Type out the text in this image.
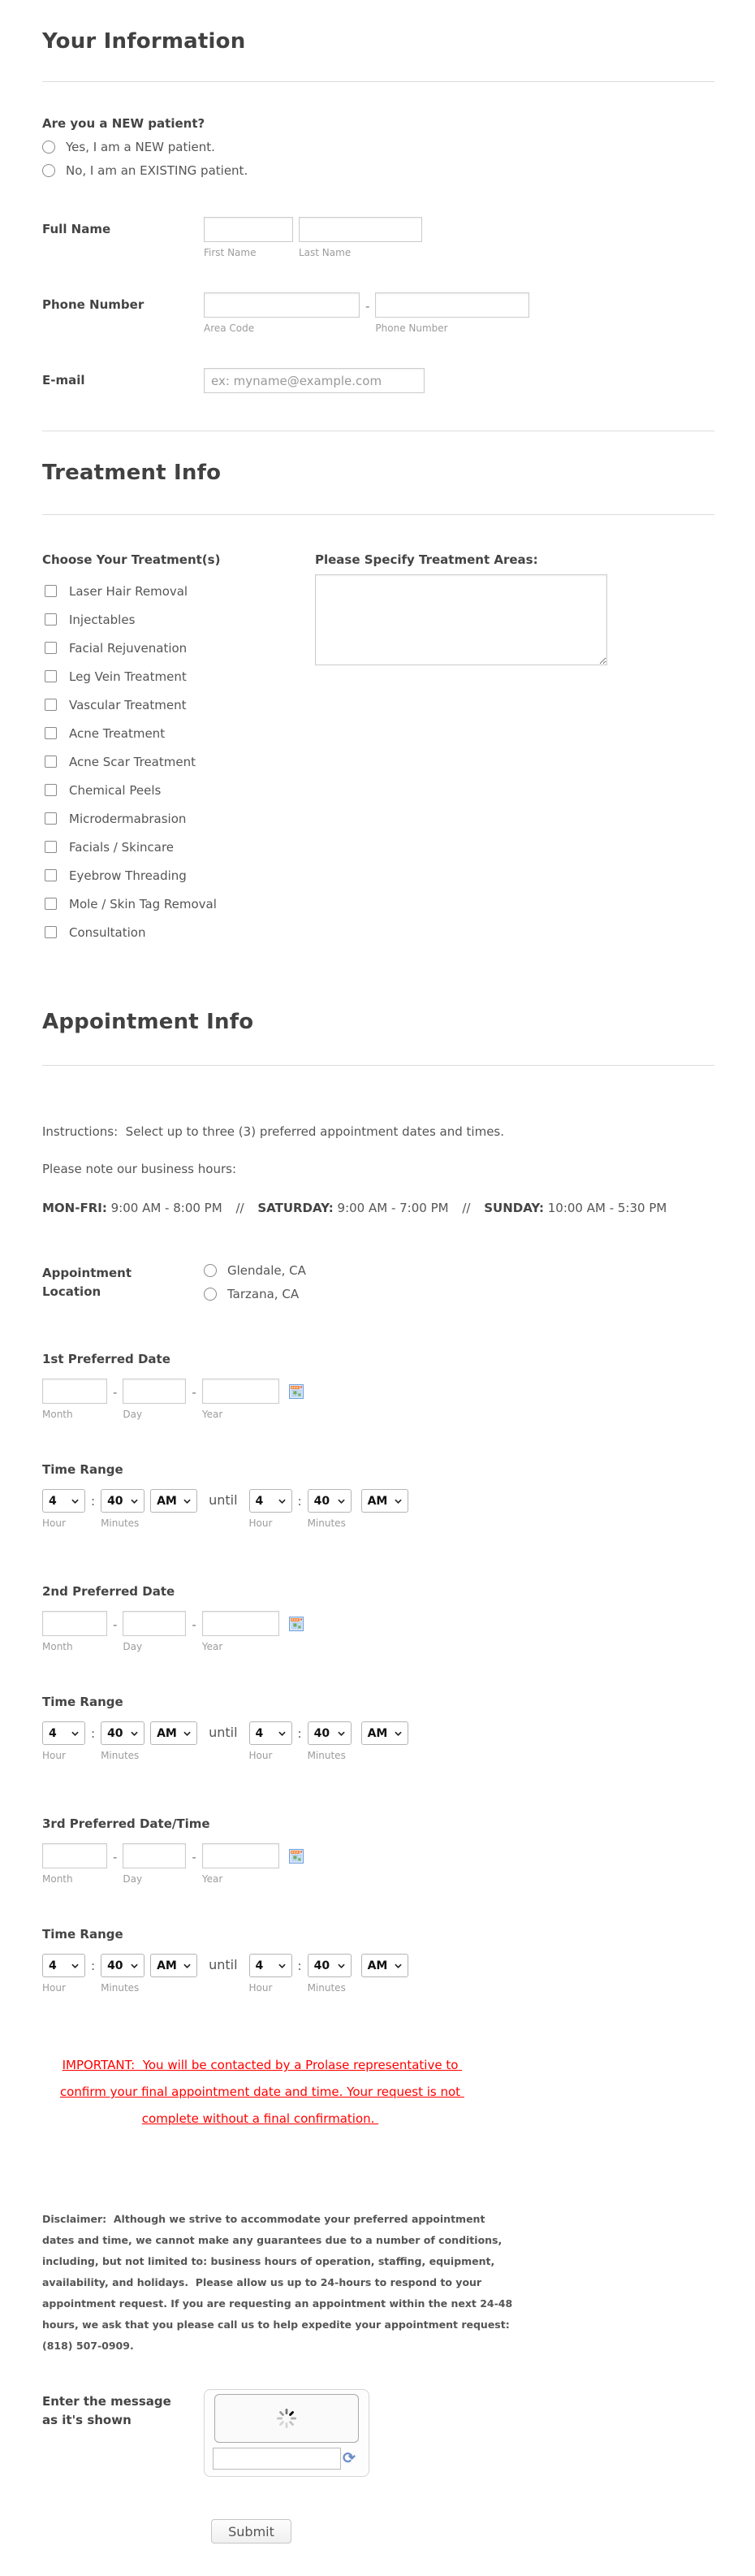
Your Information
Are you a NEW patient?
Yes, I am a NEW patient.
No, I am an EXISTING patient.
Full Name
First Name	Last Name
Phone Number
Area Code
-
Phone Number
E-mail
ex: myname@example.com
Treatment Info
Choose Your Treatment(s)
Laser Hair Removal
Injectables
Facial Rejuvenation
Leg Vein Treatment
Vascular Treatment
Acne Treatment
Acne Scar Treatment
Chemical Peels
Microdermabrasion
Facials / Skincare
Eyebrow Threading
Mole / Skin Tag Removal
Consultation
Please Specify Treatment Areas:
Appointment Info
Instructions:  Select up to three (3) preferred appointment dates and times.
Please note our business hours:
MON-FRI: 9:00 AM - 8:00 PM // SATURDAY: 9:00 AM - 7:00 PM // SUNDAY: 10:00 AM - 5:30 PM
Appointment Location
Glendale, CA
Tarzana, CA
1st Preferred Date
Month
-
Day
-
Year
Time Range
4
Hour
:	40
Minutes
AM	until	4
Hour
:	40
Minutes
AM
2nd Preferred Date
Month
-
Day
-
Year
Time Range
4
Hour
:	40
Minutes
AM	until	4
Hour
:	40
Minutes
AM
3rd Preferred Date/Time
Month
-
Day
-
Year
Time Range
4
Hour
:	40
Minutes
AM	until	4
Hour
:	40
Minutes
AM
IMPORTANT:  You will be contacted by a Prolase representative to confirm your final appointment date and time. Your request is not complete without a final confirmation.
Disclaimer:  Although we strive to accommodate your preferred appointment dates and time, we cannot make any guarantees due to a number of conditions, including, but not limited to: business hours of operation, staffing, equipment, availability, and holidays.  Please allow us up to 24-hours to respond to your appointment request. If you are requesting an appointment within the next 24-48 hours, we ask that you please call us to help expedite your appointment request: (818) 507-0909.
Enter the message as it's shown
⟳
Submit
